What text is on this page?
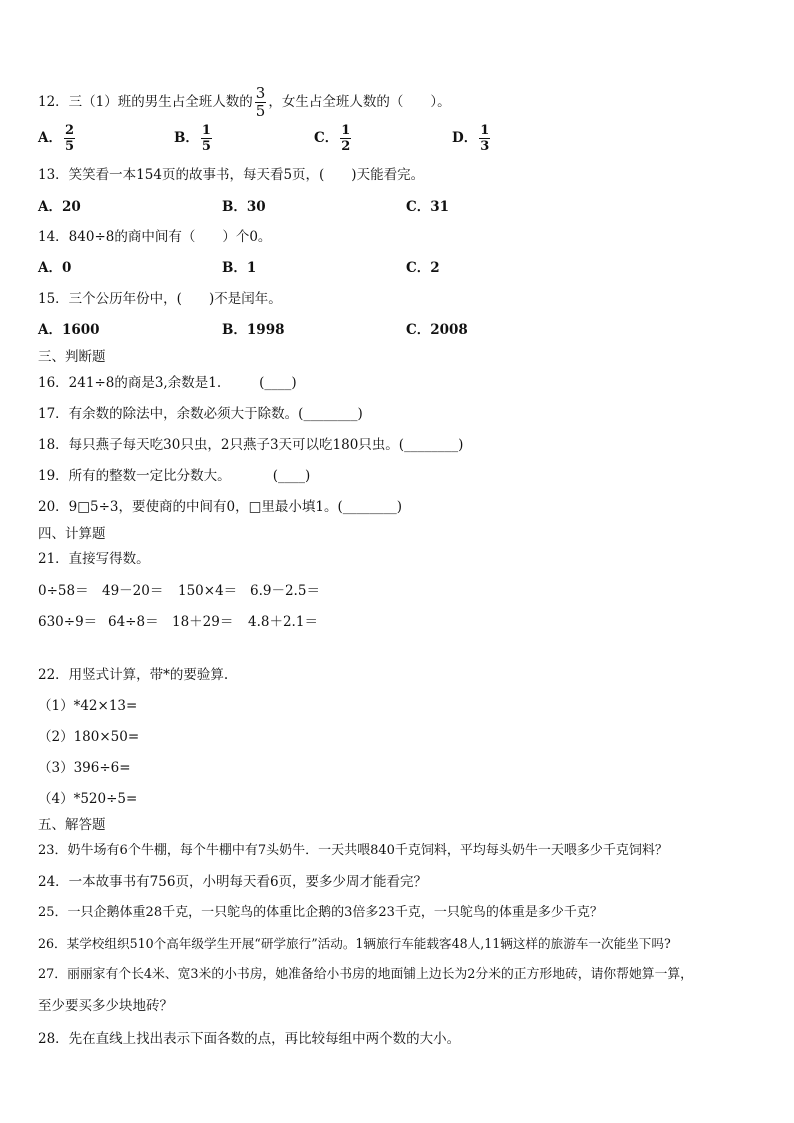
12．三（1）班的男生占全班人数的 $\frac{3}{5}$ ，女生占全班人数的（　　）。
A． $\frac{2}{5}$	B． $\frac{1}{5}$	C． $\frac{1}{2}$	D． $\frac{1}{3}$
13．笑笑看一本154页的故事书，每天看5页，(　　)天能看完。
A．20	B．30	C．31
14．840÷8的商中间有（　　）个0。
A．0	B．1	C．2
15．三个公历年份中，(　　)不是闰年。
A．1600	B．1998	C．2008
三、判断题
16．241÷8的商是3,余数是1.	(____)
17．有余数的除法中，余数必须大于除数。(________)
18．每只燕子每天吃30只虫，2只燕子3天可以吃180只虫。(________)
19．所有的整数一定比分数大。	(____)
20．9□5÷3，要使商的中间有0，□里最小填1。(________)
四、计算题
21．直接写得数。
0÷58＝ 49－20＝ 150×4＝ 6.9－2.5＝
630÷9＝ 64÷8＝ 18＋29＝ 4.8＋2.1＝
22．用竖式计算，带*的要验算.
（1）*42×13=
（2）180×50=
（3）396÷6=
（4）*520÷5=
五、解答题
23．奶牛场有6个牛棚，每个牛棚中有7头奶牛．一天共喂840千克饲料，平均每头奶牛一天喂多少千克饲料？
24．一本故事书有756页，小明每天看6页，要多少周才能看完？
25．一只企鹅体重28千克，一只鸵鸟的体重比企鹅的3倍多23千克，一只鸵鸟的体重是多少千克？
26．某学校组织510个高年级学生开展“研学旅行”活动。1辆旅行车能载客48人,11辆这样的旅游车一次能坐下吗?
27．丽丽家有个长4米、宽3米的小书房，她准备给小书房的地面铺上边长为2分米的正方形地砖，请你帮她算一算，
至少要买多少块地砖？
28．先在直线上找出表示下面各数的点，再比较每组中两个数的大小。
